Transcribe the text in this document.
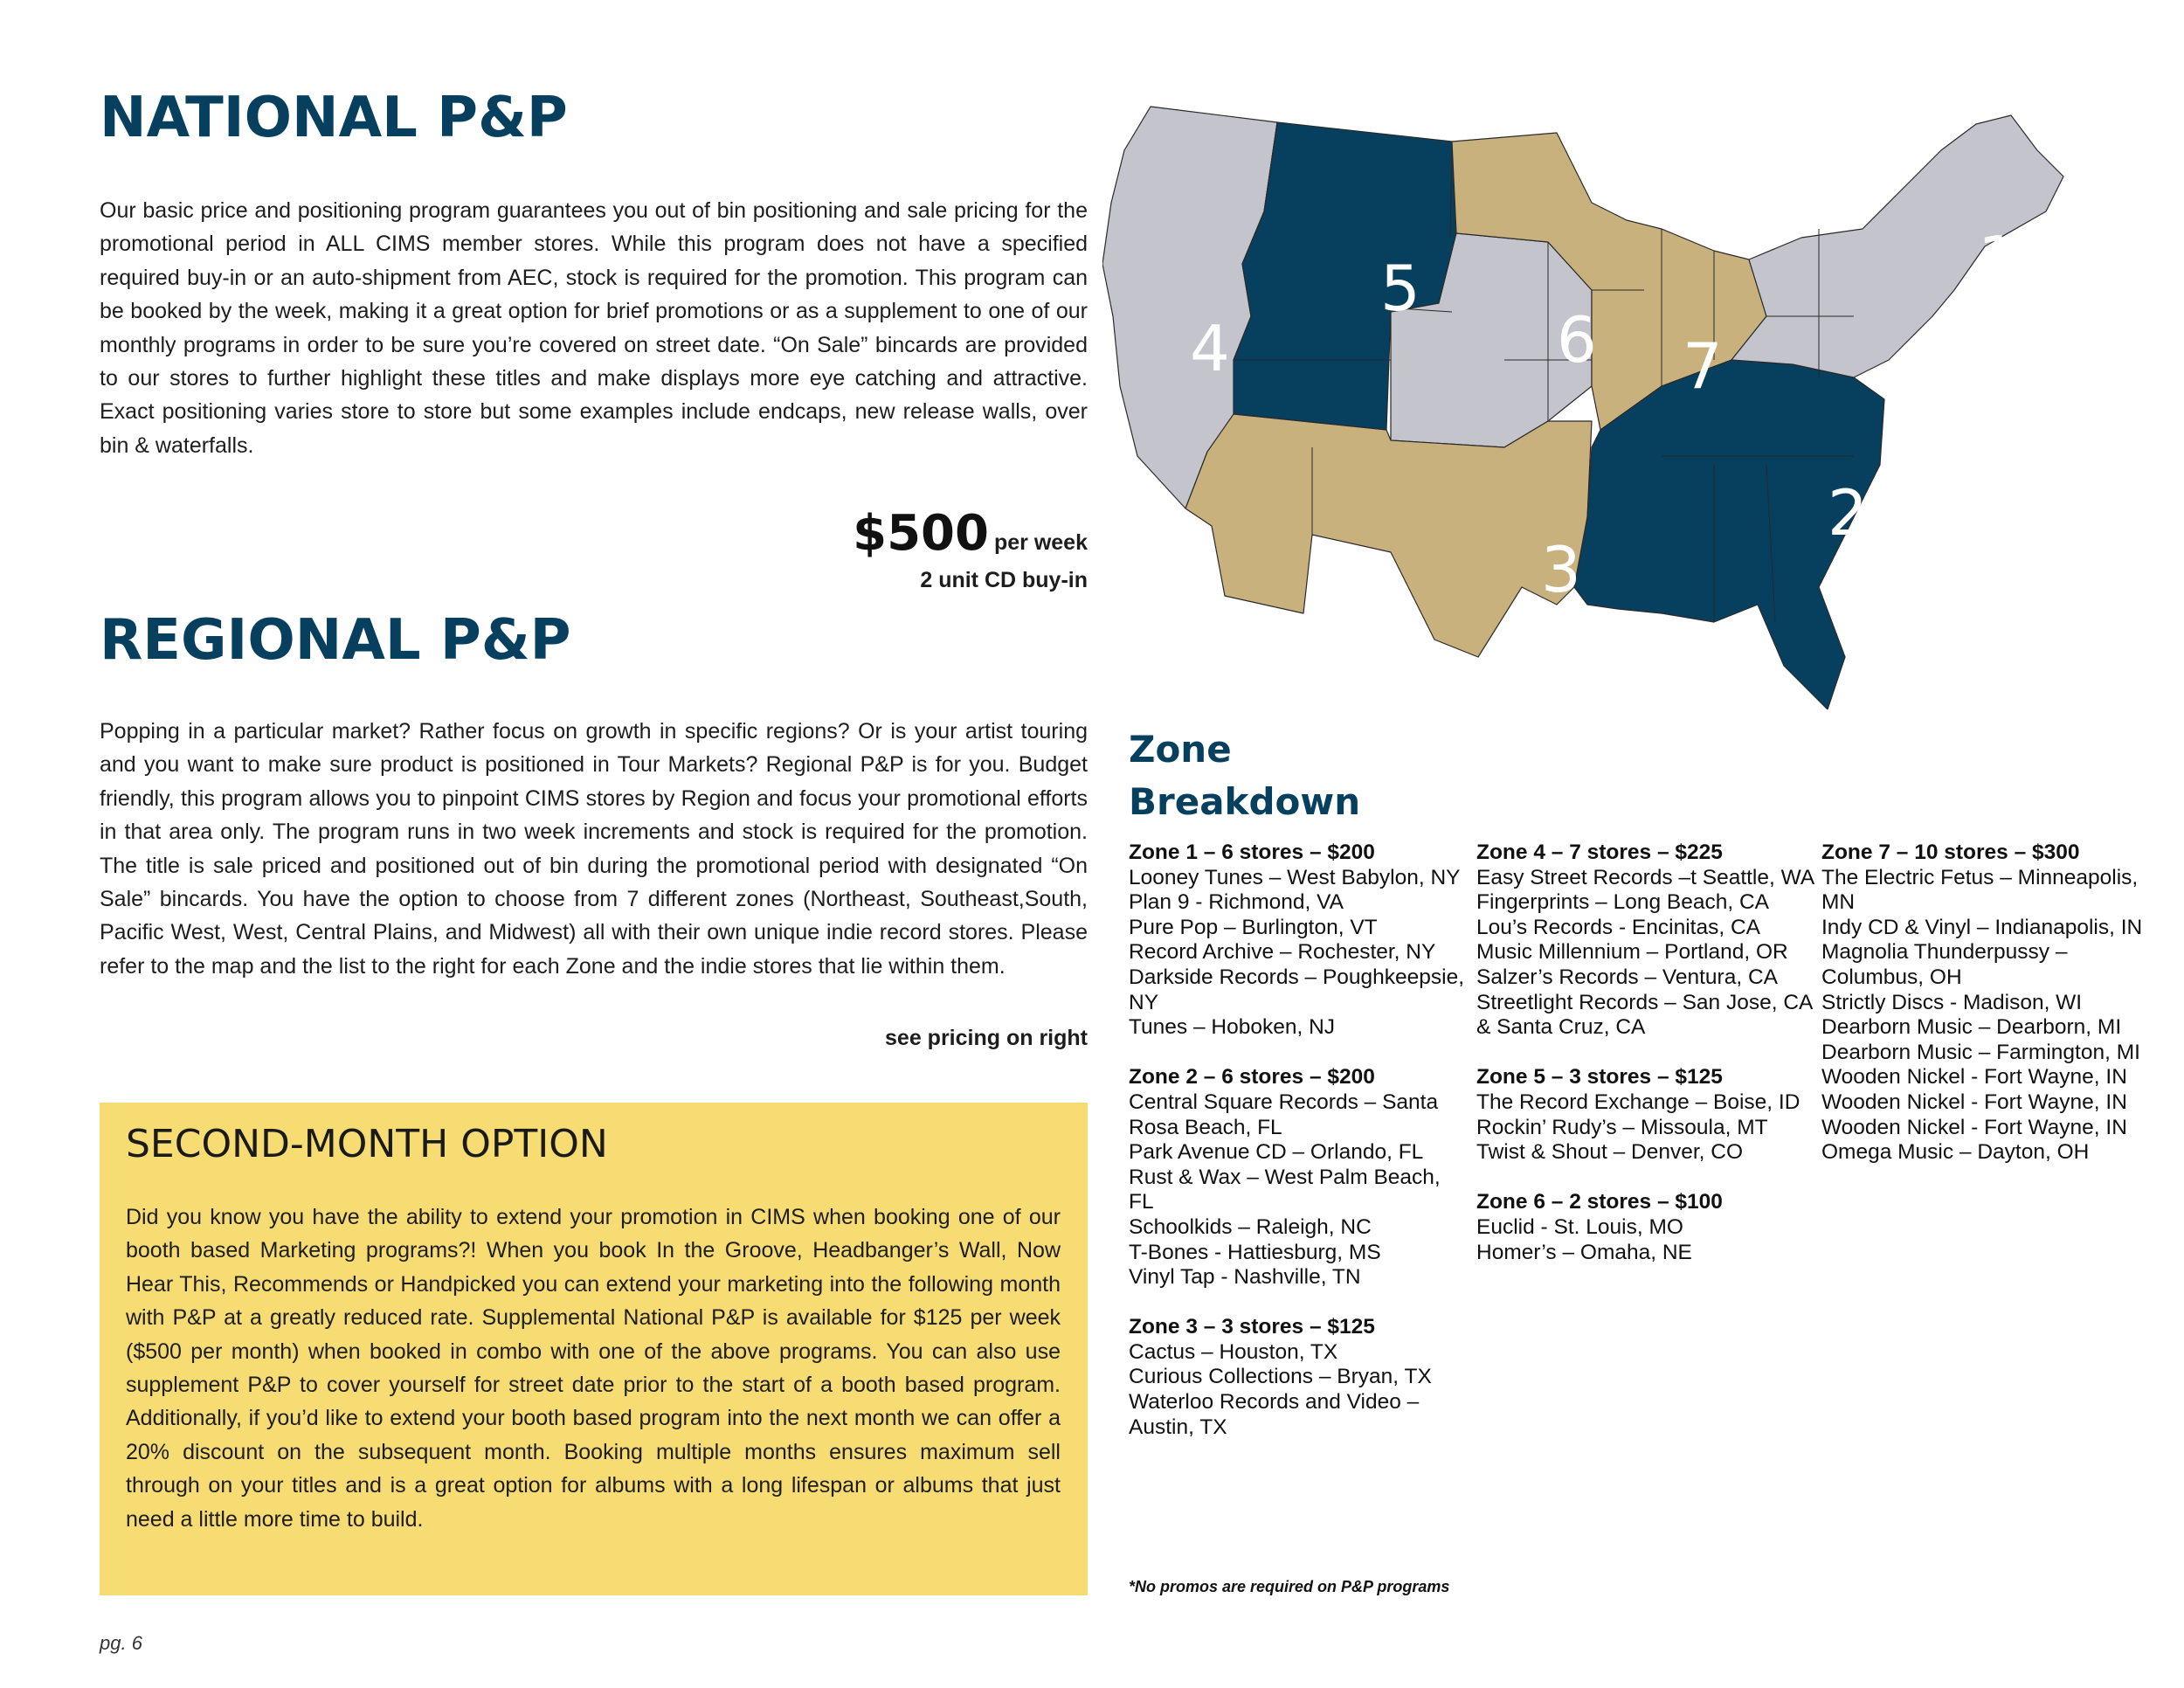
NATIONAL P&P

Our basic price and positioning program guarantees you out of bin positioning and sale pricing for the promotional period in ALL CIMS member stores. While this program does not have a specified required buy-in or an auto-shipment from AEC, stock is required for the promotion. This program can be booked by the week, making it a great option for brief promotions or as a supplement to one of our monthly programs in order to be sure you’re covered on street date. “On Sale” bincards are provided to our stores to further highlight these titles and make displays more eye catching and attractive. Exact positioning varies store to store but some examples include endcaps, new release walls, over bin & waterfalls.

$500 per week
2 unit CD buy-in
REGIONAL P&P

Popping in a particular market? Rather focus on growth in specific regions? Or is your artist touring and you want to make sure product is positioned in Tour Markets? Regional P&P is for you. Budget friendly, this program allows you to pinpoint CIMS stores by Region and focus your promotional efforts in that area only. The program runs in two week increments and stock is required for the promotion. The title is sale priced and positioned out of bin during the promotional period with designated “On Sale” bincards. You have the option to choose from 7 different zones (Northeast, Southeast,South, Pacific West, West, Central Plains, and Midwest) all with their own unique indie record stores. Please refer to the map and the list to the right for each Zone and the indie stores that lie within them.

see pricing on right
SECOND-MONTH OPTION

Did you know you have the ability to extend your promotion in CIMS when booking one of our booth based Marketing programs?! When you book In the Groove, Headbanger’s Wall, Now Hear This, Recommends or Handpicked you can extend your marketing into the following month with P&P at a greatly reduced rate. Supplemental National P&P is available for $125 per week ($500 per month) when booked in combo with one of the above programs. You can also use supplement P&P to cover yourself for street date prior to the start of a booth based program. Additionally, if you’d like to extend your booth based program into the next month we can offer a 20% discount on the subsequent month. Booking multiple months ensures maximum sell through on your titles and is a great option for albums with a long lifespan or albums that just need a little more time to build.

1
2
3
4
5
6 7
Zone Breakdown
Zone 1 – 6 stores – $200
Looney Tunes – West Babylon, NY
Plan 9 - Richmond, VA
Pure Pop – Burlington, VT
Record Archive – Rochester, NY
Darkside Records – Poughkeepsie, NY
Tunes – Hoboken, NJ
Zone 2 – 6 stores – $200
Central Square Records – Santa Rosa Beach, FL
Park Avenue CD – Orlando, FL
Rust & Wax – West Palm Beach, FL
Schoolkids – Raleigh, NC
T-Bones - Hattiesburg, MS
Vinyl Tap - Nashville, TN
Zone 3 – 3 stores – $125
Cactus – Houston, TX
Curious Collections – Bryan, TX
Waterloo Records and Video – Austin, TX
Zone 4 – 7 stores – $225
Easy Street Records –t Seattle, WA
Fingerprints – Long Beach, CA
Lou’s Records - Encinitas, CA
Music Millennium – Portland, OR
Salzer’s Records – Ventura, CA
Streetlight Records – San Jose, CA & Santa Cruz, CA
Zone 5 – 3 stores – $125
The Record Exchange – Boise, ID
Rockin’ Rudy’s – Missoula, MT
Twist & Shout – Denver, CO
Zone 6 – 2 stores – $100
Euclid - St. Louis, MO
Homer’s – Omaha, NE
Zone 7 – 10 stores – $300
The Electric Fetus – Minneapolis, MN
Indy CD & Vinyl – Indianapolis, IN
Magnolia Thunderpussy – Columbus, OH
Strictly Discs - Madison, WI
Dearborn Music – Dearborn, MI
Dearborn Music – Farmington, MI
Wooden Nickel - Fort Wayne, IN
Wooden Nickel - Fort Wayne, IN
Wooden Nickel - Fort Wayne, IN
Omega Music – Dayton, OH

*No promos are required on P&P programs

pg. 6
